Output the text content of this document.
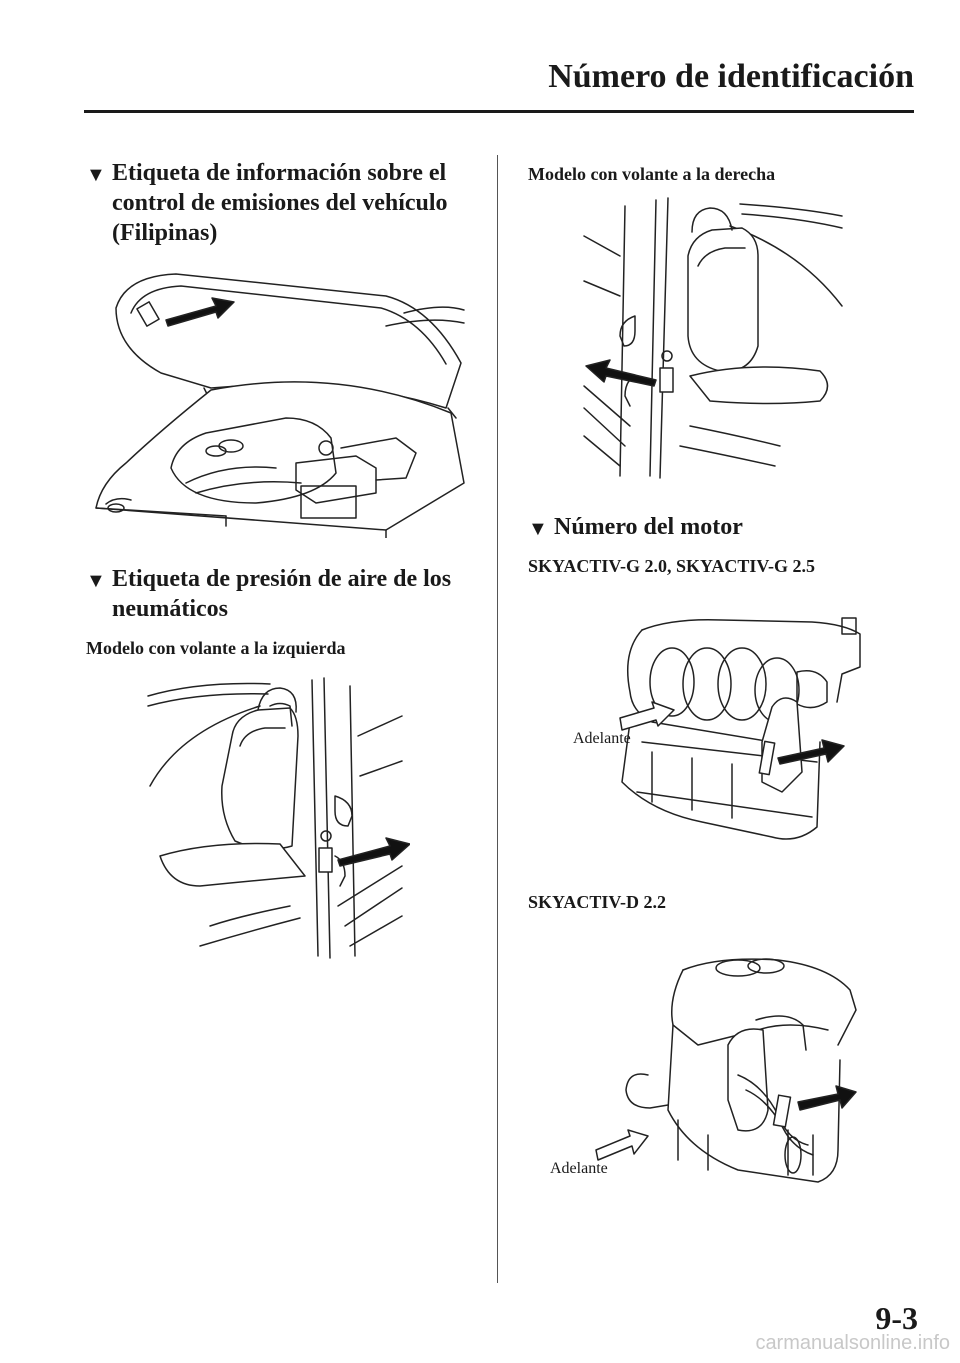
Número de identificación
▼ Etiqueta de información sobre el control de emisiones del vehículo (Filipinas)
▼ Etiqueta de presión de aire de los neumáticos
Modelo con volante a la izquierda
Modelo con volante a la derecha
▼ Número del motor
SKYACTIV-G 2.0, SKYACTIV-G 2.5
Adelante
SKYACTIV-D 2.2
Adelante
9-3
carmanualsonline.info
